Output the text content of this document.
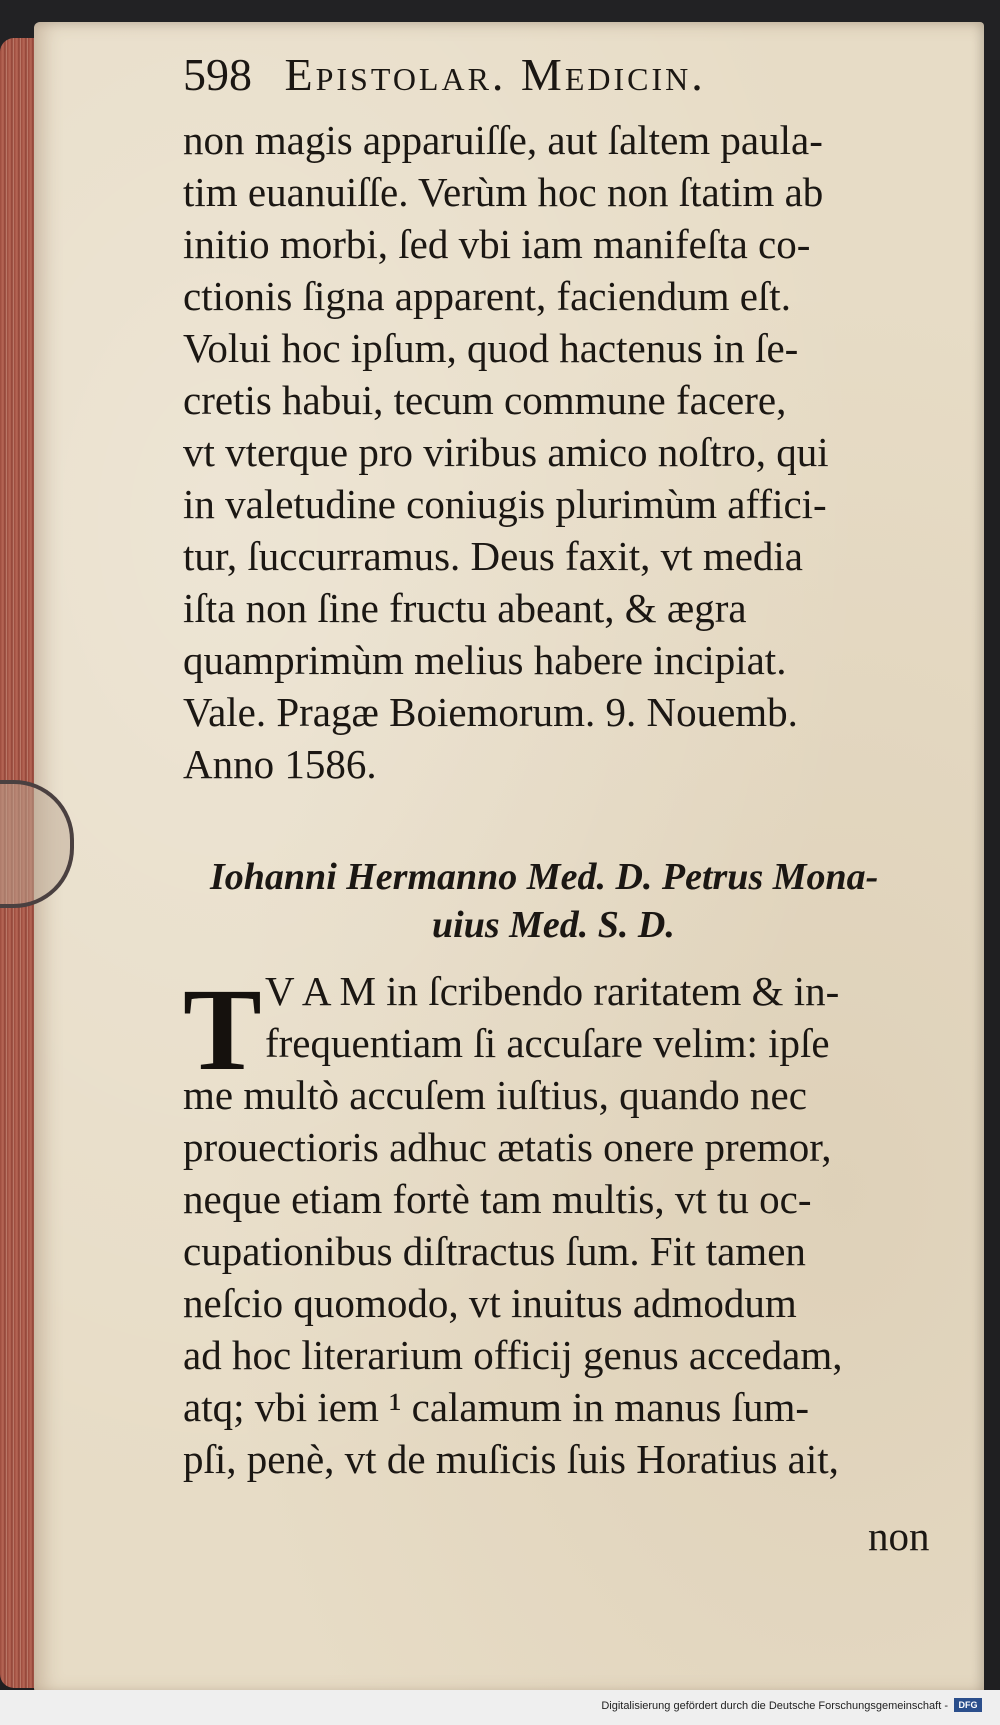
598 Epistolar. Medicin.
non magis apparuiſſe, aut ſaltem paula-
tim euanuiſſe. Verùm hoc non ſtatim ab
initio morbi, ſed vbi iam manifeſta co-
ctionis ſigna apparent, faciendum eſt.
Volui hoc ipſum, quod hactenus in ſe-
cretis habui, tecum commune facere,
vt vterque pro viribus amico noſtro, qui
in valetudine coniugis plurimùm affici-
tur, ſuccurramus. Deus faxit, vt media
iſta non ſine fructu abeant, & ægra
quamprimùm melius habere incipiat.
Vale. Pragæ Boiemorum. 9. Nouemb.
Anno 1586.
Iohanni Hermanno Med. D. Petrus Mona-
uius Med. S. D.
T V A M in ſcribendo raritatem & in-
frequentiam ſi accuſare velim: ipſe
me multò accuſem iuſtius, quando nec
prouectioris adhuc ætatis onere premor,
neque etiam fortè tam multis, vt tu oc-
cupationibus diſtractus ſum. Fit tamen
neſcio quomodo, vt inuitus admodum
ad hoc literarium officij genus accedam,
atq; vbi iem ¹ calamum in manus ſum-
pſi, penè, vt de muſicis ſuis Horatius ait,
non
Digitalisierung gefördert durch die Deutsche Forschungsgemeinschaft -	DFG
